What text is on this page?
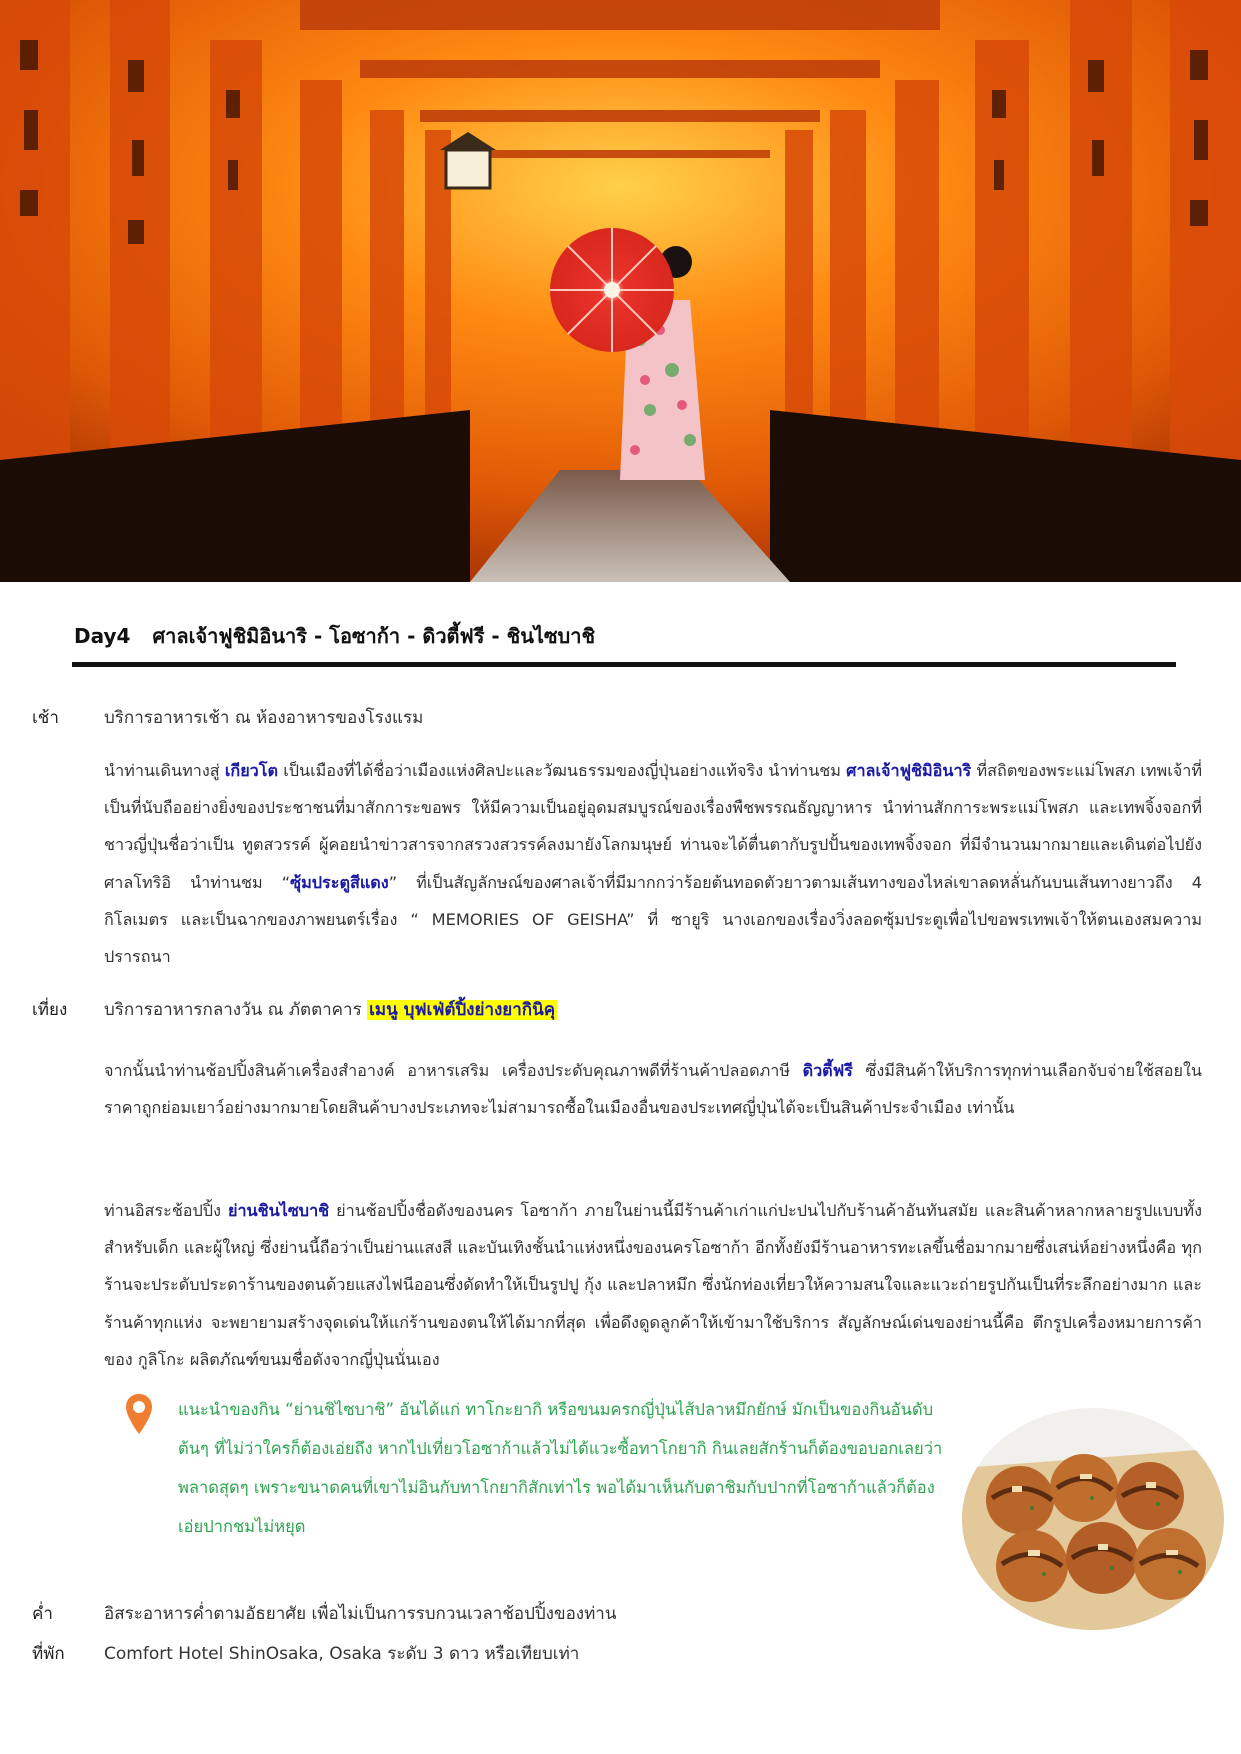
Day4 ศาลเจ้าฟูชิมิอินาริ - โอซาก้า - ดิวตี้ฟรี - ชินไซบาชิ
เช้า	บริการอาหารเช้า ณ ห้องอาหารของโรงแรม
นำท่านเดินทางสู่ เกียวโต เป็นเมืองที่ได้ชื่อว่าเมืองแห่งศิลปะและวัฒนธรรมของญี่ปุ่นอย่างแท้จริง นำท่านชม ศาลเจ้าฟูชิมิอินาริ ที่สถิตของพระแม่โพสภ เทพเจ้าที่เป็นที่นับถืออย่างยิ่งของประชาชนที่มาสักการะขอพร ให้มีความเป็นอยู่อุดมสมบูรณ์ของเรื่องพืชพรรณธัญญาหาร นำท่านสักการะพระแม่โพสภ และเทพจิ้งจอกที่ชาวญี่ปุ่นชื่อว่าเป็น ทูตสวรรค์ ผู้คอยนำข่าวสารจากสรวงสวรรค์ลงมายังโลกมนุษย์ ท่านจะได้ตื่นตากับรูปปั้นของเทพจิ้งจอก ที่มีจำนวนมากมายและเดินต่อไปยัง ศาลโทริอิ นำท่านชม “ซุ้มประตูสีแดง” ที่เป็นสัญลักษณ์ของศาลเจ้าที่มีมากกว่าร้อยต้นทอดตัวยาวตามเส้นทางของไหล่เขาลดหลั่นกันบนเส้นทางยาวถึง 4 กิโลเมตร และเป็นฉากของภาพยนตร์เรื่อง “ MEMORIES OF GEISHA” ที่ ซายูริ นางเอกของเรื่องวิ่งลอดซุ้มประตูเพื่อไปขอพรเทพเจ้าให้ตนเองสมความปรารถนา
เที่ยง	บริการอาหารกลางวัน ณ ภัตตาคาร เมนู บุฟเฟ่ต์ปิ้งย่างยากินิคุ
จากนั้นนำท่านช้อปปิ้งสินค้าเครื่องสำอางค์ อาหารเสริม เครื่องประดับคุณภาพดีที่ร้านค้าปลอดภาษี ดิวตี้ฟรี ซึ่งมีสินค้าให้บริการทุกท่านเลือกจับจ่ายใช้สอยในราคาถูกย่อมเยาว์อย่างมากมายโดยสินค้าบางประเภทจะไม่สามารถซื้อในเมืองอื่นของประเทศญี่ปุ่นได้จะเป็นสินค้าประจำเมือง เท่านั้น
ท่านอิสระช้อปปิ้ง ย่านชินไซบาชิ ย่านช้อปปิ้งชื่อดังของนคร โอซาก้า ภายในย่านนี้มีร้านค้าเก่าแก่ปะปนไปกับร้านค้าอันทันสมัย และสินค้าหลากหลายรูปแบบทั้งสำหรับเด็ก และผู้ใหญ่ ซึ่งย่านนี้ถือว่าเป็นย่านแสงสี และบันเทิงชั้นนำแห่งหนึ่งของนครโอซาก้า อีกทั้งยังมีร้านอาหารทะเลขึ้นชื่อมากมายซึ่งเสน่ห์อย่างหนึ่งคือ ทุกร้านจะประดับประดาร้านของตนด้วยแสงไฟนีออนซึ่งดัดทำให้เป็นรูปปู กุ้ง และปลาหมึก ซึ่งนักท่องเที่ยวให้ความสนใจและแวะถ่ายรูปกันเป็นที่ระลึกอย่างมาก และร้านค้าทุกแห่ง จะพยายามสร้างจุดเด่นให้แก่ร้านของตนให้ได้มากที่สุด เพื่อดึงดูดลูกค้าให้เข้ามาใช้บริการ สัญลักษณ์เด่นของย่านนี้คือ ตึกรูปเครื่องหมายการค้าของ กูลิโกะ ผลิตภัณฑ์ขนมชื่อดังจากญี่ปุ่นนั่นเอง
แนะนำของกิน “ย่านชิไซบาชิ” อันได้แก่ ทาโกะยากิ หรือขนมครกญี่ปุ่นไส้ปลาหมึกยักษ์ มักเป็นของกินอันดับต้นๆ ที่ไม่ว่าใครก็ต้องเอ่ยถึง หากไปเที่ยวโอซาก้าแล้วไม่ได้แวะซื้อทาโกยากิ กินเลยสักร้านก็ต้องขอบอกเลยว่าพลาดสุดๆ เพราะขนาดคนที่เขาไม่อินกับทาโกยากิสักเท่าไร พอได้มาเห็นกับตาชิมกับปากที่โอซาก้าแล้วก็ต้องเอ่ยปากชมไม่หยุด
ค่ำ	อิสระอาหารค่ำตามอัธยาศัย เพื่อไม่เป็นการรบกวนเวลาช้อปปิ้งของท่าน
ที่พัก	Comfort Hotel ShinOsaka, Osaka ระดับ 3 ดาว หรือเทียบเท่า
